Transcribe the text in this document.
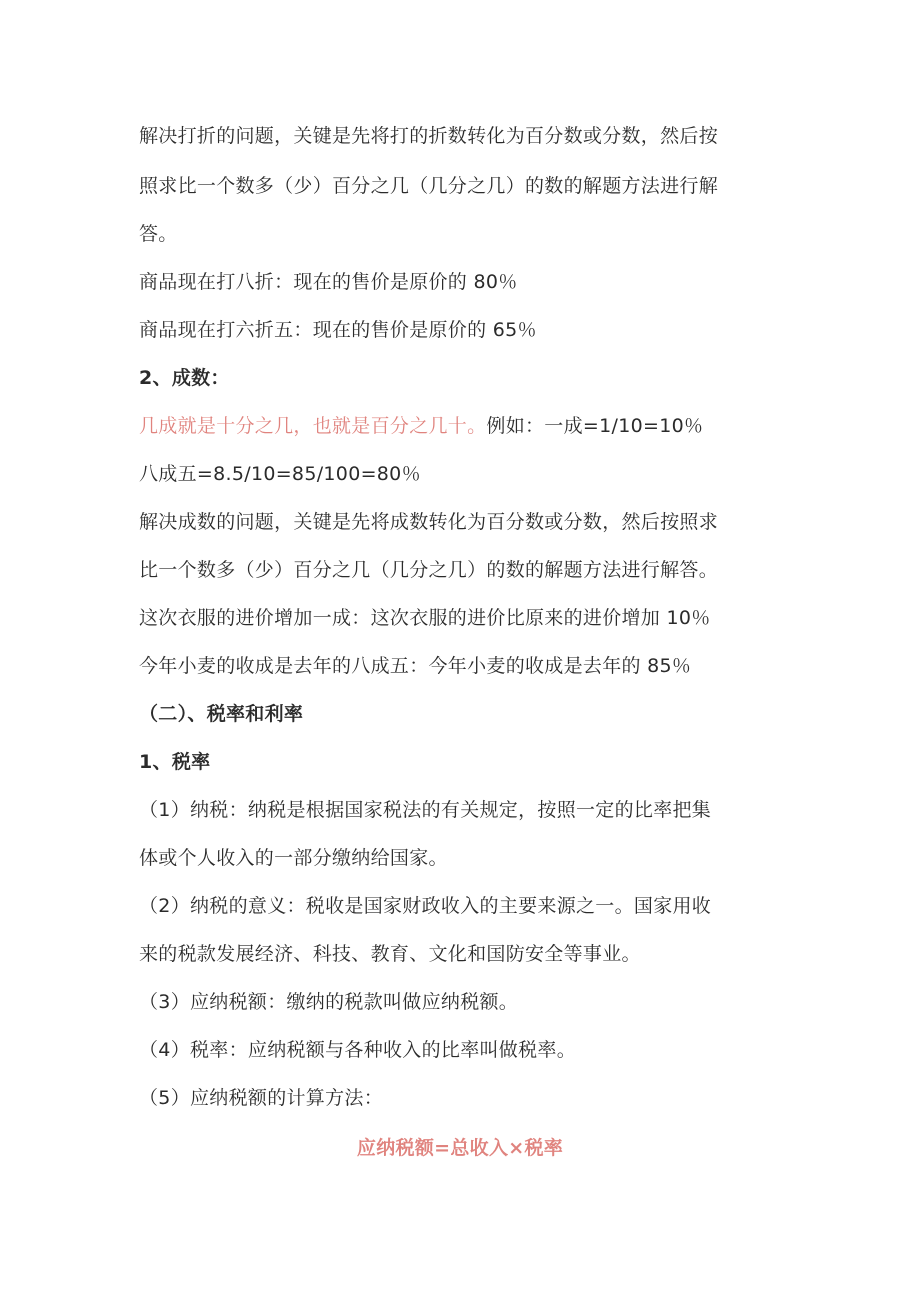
解决打折的问题，关键是先将打的折数转化为百分数或分数，然后按
照求比一个数多（少）百分之几（几分之几）的数的解题方法进行解
答。
商品现在打八折：现在的售价是原价的 80％
商品现在打六折五：现在的售价是原价的 65％
2、成数：
几成就是十分之几，也就是百分之几十。例如：一成=1/10=10％
八成五=8.5/10=85/100=80％
解决成数的问题，关键是先将成数转化为百分数或分数，然后按照求
比一个数多（少）百分之几（几分之几）的数的解题方法进行解答。
这次衣服的进价增加一成：这次衣服的进价比原来的进价增加 10％
今年小麦的收成是去年的八成五：今年小麦的收成是去年的 85％
（二）、税率和利率
1、税率
（1）纳税：纳税是根据国家税法的有关规定，按照一定的比率把集
体或个人收入的一部分缴纳给国家。
（2）纳税的意义：税收是国家财政收入的主要来源之一。国家用收
来的税款发展经济、科技、教育、文化和国防安全等事业。
（3）应纳税额：缴纳的税款叫做应纳税额。
（4）税率：应纳税额与各种收入的比率叫做税率。
（5）应纳税额的计算方法：
应纳税额=总收入×税率
